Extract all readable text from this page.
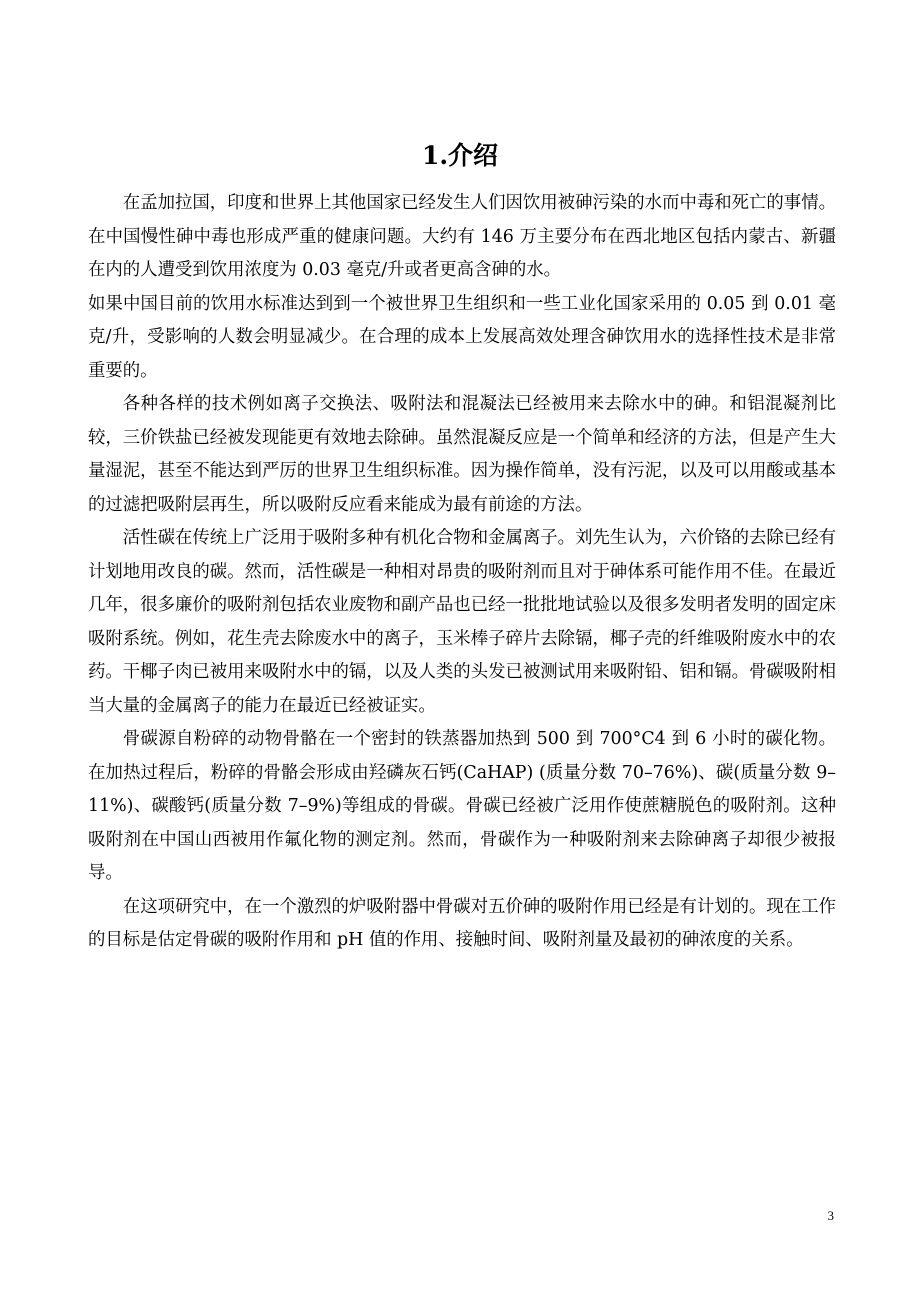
1.介绍

在孟加拉国，印度和世界上其他国家已经发生人们因饮用被砷污染的水而中毒和死亡的事情。在中国慢性砷中毒也形成严重的健康问题。大约有 146 万主要分布在西北地区包括内蒙古、新疆在内的人遭受到饮用浓度为 0.03 毫克/升或者更高含砷的水。

如果中国目前的饮用水标准达到到一个被世界卫生组织和一些工业化国家采用的 0.05 到 0.01 毫克/升，受影响的人数会明显减少。在合理的成本上发展高效处理含砷饮用水的选择性技术是非常重要的。

各种各样的技术例如离子交换法、吸附法和混凝法已经被用来去除水中的砷。和铝混凝剂比较，三价铁盐已经被发现能更有效地去除砷。虽然混凝反应是一个简单和经济的方法，但是产生大量湿泥，甚至不能达到严厉的世界卫生组织标准。因为操作简单，没有污泥，以及可以用酸或基本的过滤把吸附层再生，所以吸附反应看来能成为最有前途的方法。

活性碳在传统上广泛用于吸附多种有机化合物和金属离子。刘先生认为，六价铬的去除已经有计划地用改良的碳。然而，活性碳是一种相对昂贵的吸附剂而且对于砷体系可能作用不佳。在最近几年，很多廉价的吸附剂包括农业废物和副产品也已经一批批地试验以及很多发明者发明的固定床吸附系统。例如，花生壳去除废水中的离子，玉米棒子碎片去除镉，椰子壳的纤维吸附废水中的农药。干椰子肉已被用来吸附水中的镉，以及人类的头发已被测试用来吸附铅、铝和镉。骨碳吸附相当大量的金属离子的能力在最近已经被证实。

骨碳源自粉碎的动物骨骼在一个密封的铁蒸器加热到 500 到 700°C4 到 6 小时的碳化物。在加热过程后，粉碎的骨骼会形成由羟磷灰石钙(CaHAP) (质量分数 70–76%)、碳(质量分数 9–11%)、碳酸钙(质量分数 7–9%)等组成的骨碳。骨碳已经被广泛用作使蔗糖脱色的吸附剂。这种吸附剂在中国山西被用作氟化物的测定剂。然而，骨碳作为一种吸附剂来去除砷离子却很少被报导。

在这项研究中，在一个激烈的炉吸附器中骨碳对五价砷的吸附作用已经是有计划的。现在工作的目标是估定骨碳的吸附作用和 pH 值的作用、接触时间、吸附剂量及最初的砷浓度的关系。

3
